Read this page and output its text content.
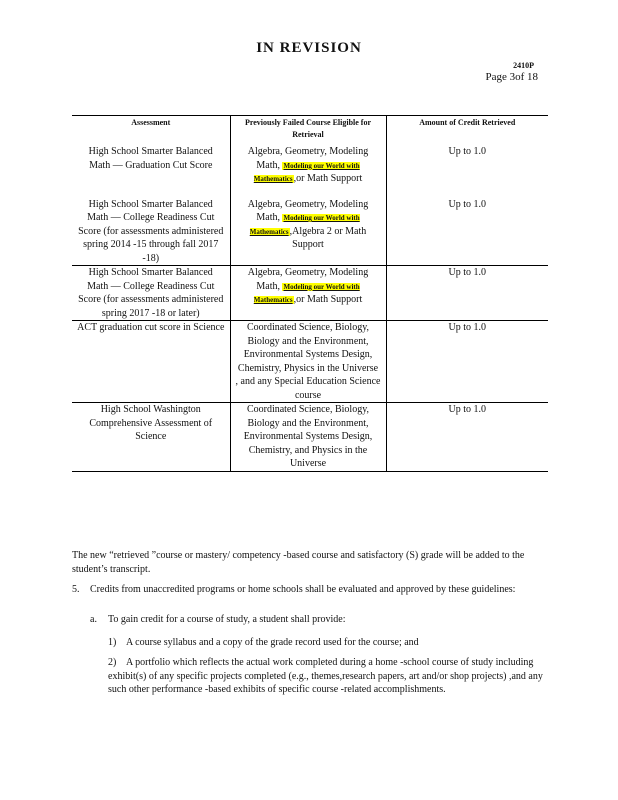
IN REVISION
2410P
Page 3of 18
Assessment	Previously Failed Course Eligible for Retrieval	Amount of Credit Retrieved
High School Smarter Balanced Math — Graduation Cut Score	Algebra, Geometry, Modeling Math, Modeling our World with Mathematics,or Math Support	Up to 1.0
High School Smarter Balanced Math — College Readiness Cut Score (for assessments administered spring 2014 -15 through fall 2017 -18)	Algebra, Geometry, Modeling Math, Modeling our World with Mathematics,Algebra 2 or Math Support	Up to 1.0
High School Smarter Balanced Math — College Readiness Cut Score (for assessments administered spring 2017 -18 or later)	Algebra, Geometry, Modeling Math, Modeling our World with Mathematics,or Math Support	Up to 1.0
ACT graduation cut score in Science	Coordinated Science, Biology, Biology and the Environment, Environmental Systems Design, Chemistry, Physics in the Universe , and any Special Education Science course	Up to 1.0
High School Washington Comprehensive Assessment of Science	Coordinated Science, Biology, Biology and the Environment, Environmental Systems Design, Chemistry, and Physics in the Universe	Up to 1.0
The new “retrieved ”course or mastery/ competency -based course and satisfactory (S) grade will be added to the student’s transcript.
5. Credits from unaccredited programs or home schools shall be evaluated and approved by these guidelines:
a. To gain credit for a course of study, a student shall provide:
1) A course syllabus and a copy of the grade record used for the course; and
2) A portfolio which reflects the actual work completed during a home -school course of study including exhibit(s) of any specific projects completed (e.g., themes,research papers, art and/or shop projects) ,and any such other performance -based exhibits of specific course -related accomplishments.
